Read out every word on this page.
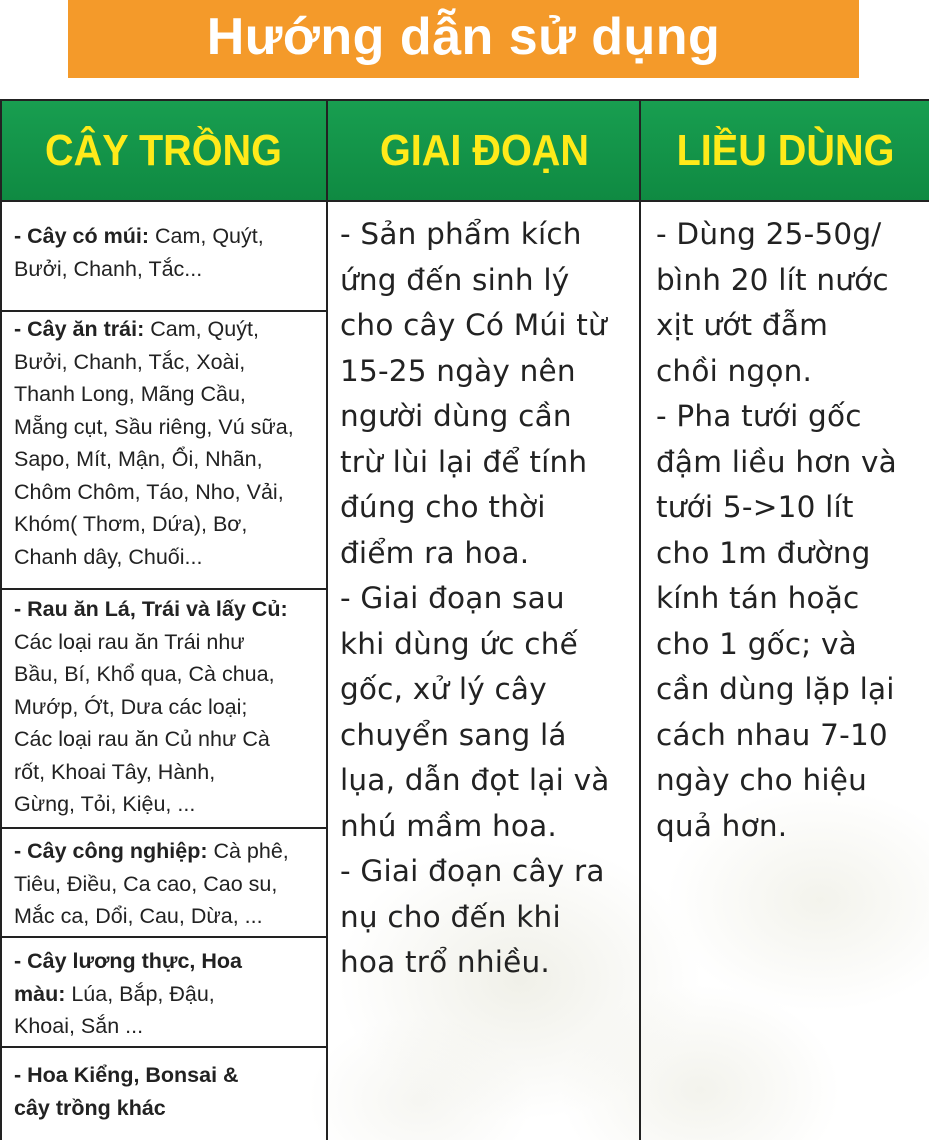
Hướng dẫn sử dụng
CÂY TRỒNG	GIAI ĐOẠN	LIỀU DÙNG
- Cây có múi: Cam, Quýt,
Bưởi, Chanh, Tắc...
- Cây ăn trái: Cam, Quýt,
Bưởi, Chanh, Tắc, Xoài,
Thanh Long, Mãng Cầu,
Mẵng cụt, Sầu riêng, Vú sữa,
Sapo, Mít, Mận, Ổi, Nhãn,
Chôm Chôm, Táo, Nho, Vải,
Khóm( Thơm, Dứa), Bơ,
Chanh dây, Chuối...
- Rau ăn Lá, Trái và lấy Củ:
Các loại rau ăn Trái như
Bầu, Bí, Khổ qua, Cà chua,
Mướp, Ớt, Dưa các loại;
Các loại rau ăn Củ như Cà
rốt, Khoai Tây, Hành,
Gừng, Tỏi, Kiệu, ...
- Cây công nghiệp: Cà phê,
Tiêu, Điều, Ca cao, Cao su,
Mắc ca, Dổi, Cau, Dừa, ...
- Cây lương thực, Hoa
màu: Lúa, Bắp, Đậu,
Khoai, Sắn ...
- Hoa Kiểng, Bonsai &
cây trồng khác
- Sản phẩm kích
ứng đến sinh lý
cho cây Có Múi từ
15-25 ngày nên
người dùng cần
trừ lùi lại để tính
đúng cho thời
điểm ra hoa.
- Giai đoạn sau
khi dùng ức chế
gốc, xử lý cây
chuyển sang lá
lụa, dẫn đọt lại và
nhú mầm hoa.
- Giai đoạn cây ra
nụ cho đến khi
hoa trổ nhiều.
- Dùng 25-50g/
bình 20 lít nước
xịt ướt đẫm
chồi ngọn.
- Pha tưới gốc
đậm liều hơn và
tưới 5->10 lít
cho 1m đường
kính tán hoặc
cho 1 gốc; và
cần dùng lặp lại
cách nhau 7-10
ngày cho hiệu
quả hơn.
